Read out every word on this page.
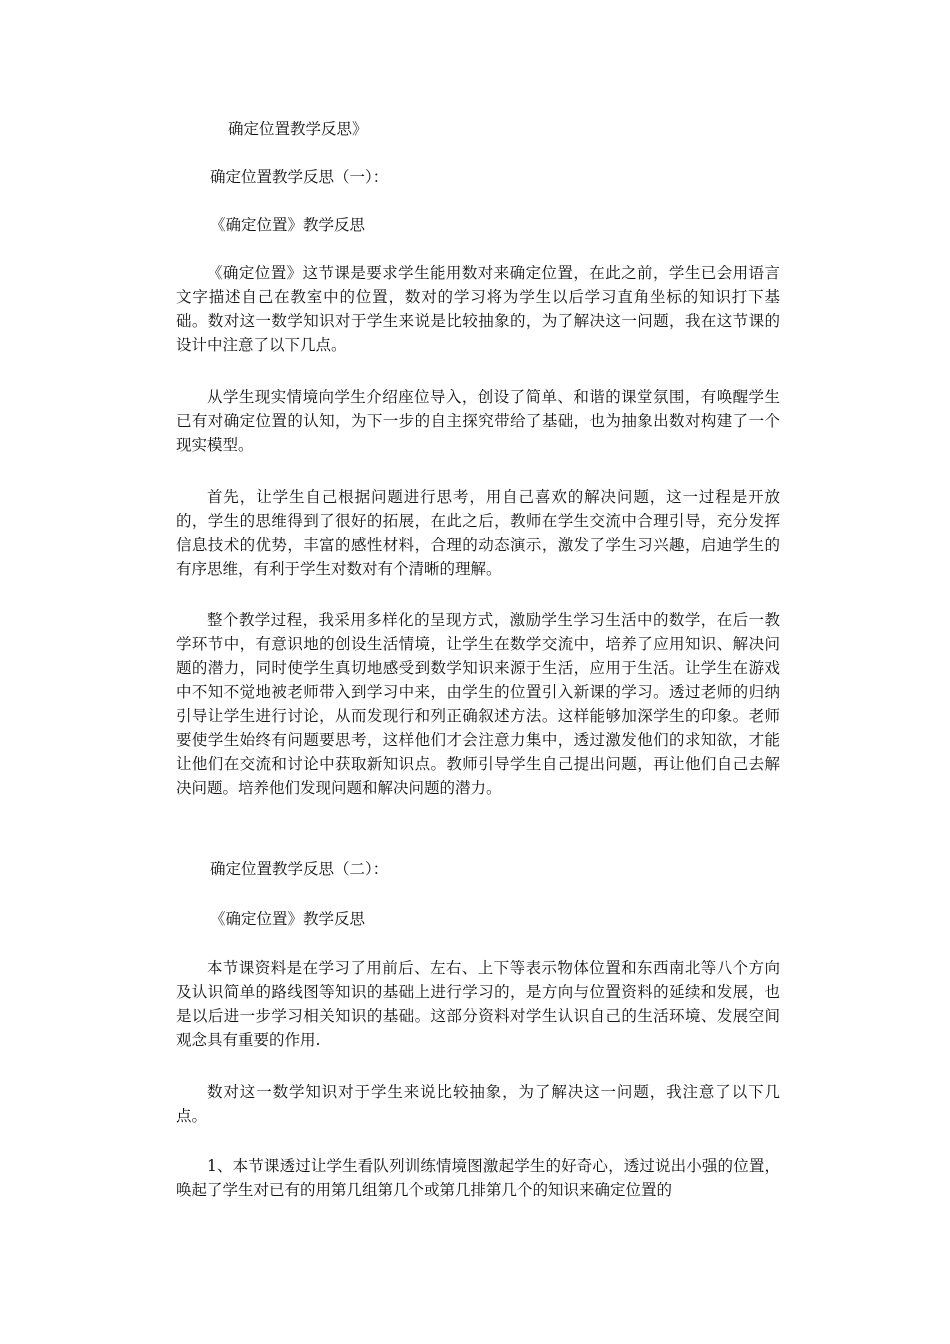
确定位置教学反思》
确定位置教学反思（一）：
《确定位置》教学反思
《确定位置》这节课是要求学生能用数对来确定位置，在此之前，学生已会用语言文字描述自己在教室中的位置，数对的学习将为学生以后学习直角坐标的知识打下基础。数对这一数学知识对于学生来说是比较抽象的，为了解决这一问题，我在这节课的设计中注意了以下几点。
从学生现实情境向学生介绍座位导入，创设了简单、和谐的课堂氛围，有唤醒学生已有对确定位置的认知，为下一步的自主探究带给了基础，也为抽象出数对构建了一个现实模型。
首先，让学生自己根据问题进行思考，用自己喜欢的解决问题，这一过程是开放的，学生的思维得到了很好的拓展，在此之后，教师在学生交流中合理引导，充分发挥信息技术的优势，丰富的感性材料，合理的动态演示，激发了学生习兴趣，启迪学生的有序思维，有利于学生对数对有个清晰的理解。
整个教学过程，我采用多样化的呈现方式，激励学生学习生活中的数学，在后一教学环节中，有意识地的创设生活情境，让学生在数学交流中，培养了应用知识、解决问题的潜力，同时使学生真切地感受到数学知识来源于生活，应用于生活。让学生在游戏中不知不觉地被老师带入到学习中来，由学生的位置引入新课的学习。透过老师的归纳引导让学生进行讨论，从而发现行和列正确叙述方法。这样能够加深学生的印象。老师要使学生始终有问题要思考，这样他们才会注意力集中，透过激发他们的求知欲，才能让他们在交流和讨论中获取新知识点。教师引导学生自己提出问题，再让他们自己去解决问题。培养他们发现问题和解决问题的潜力。
确定位置教学反思（二）：
《确定位置》教学反思
本节课资料是在学习了用前后、左右、上下等表示物体位置和东西南北等八个方向及认识简单的路线图等知识的基础上进行学习的，是方向与位置资料的延续和发展，也是以后进一步学习相关知识的基础。这部分资料对学生认识自己的生活环境、发展空间观念具有重要的作用.
数对这一数学知识对于学生来说比较抽象，为了解决这一问题，我注意了以下几点。
1、本节课透过让学生看队列训练情境图激起学生的好奇心，透过说出小强的位置，唤起了学生对已有的用第几组第几个或第几排第几个的知识来确定位置的
